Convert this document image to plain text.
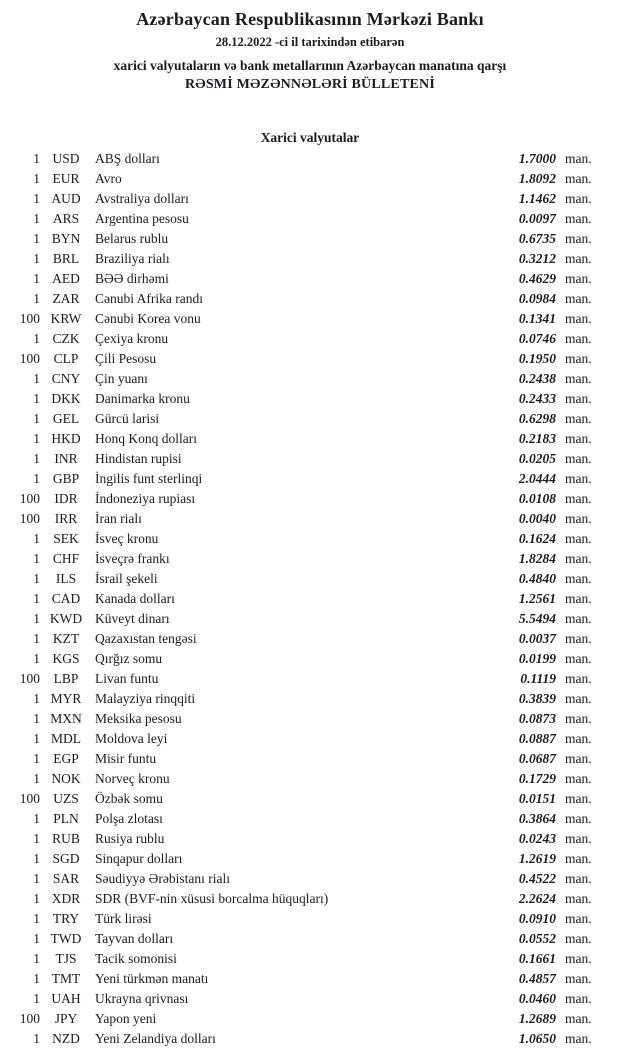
Azərbaycan Respublikasının Mərkəzi Bankı
28.12.2022 -ci il tarixindən etibarən
xarici valyutaların və bank metallarının Azərbaycan manatına qarşı
RƏSMİ MƏZƏNNƏLƏRİ BÜLLETENİ
Xarici valyutalar
1 USD	ABŞ dolları	1.7000 man.
1 EUR	Avro	1.8092 man.
1 AUD	Avstraliya dolları	1.1462 man.
1 ARS	Argentina pesosu	0.0097 man.
1 BYN	Belarus rublu	0.6735 man.
1 BRL	Braziliya rialı	0.3212 man.
1 AED	BƏƏ dirhəmi	0.4629 man.
1 ZAR	Cənubi Afrika randı	0.0984 man.
100 KRW	Cənubi Korea vonu	0.1341 man.
1 CZK	Çexiya kronu	0.0746 man.
100	CLP	Çili Pesosu	0.1950 man.
1 CNY	Çin yuanı	0.2438 man.
1 DKK	Danimarka kronu	0.2433 man.
1 GEL	Gürcü larisi	0.6298 man.
1 HKD	Honq Konq dolları	0.2183 man.
1	INR	Hindistan rupisi	0.0205 man.
1 GBP	İngilis funt sterlinqi	2.0444 man.
100	IDR	İndoneziya rupiası	0.0108 man.
100	IRR	İran rialı	0.0040 man.
1 SEK	İsveç kronu	0.1624 man.
1 CHF	İsveçrə frankı	1.8284 man.
1	ILS	İsrail şekeli	0.4840 man.
1 CAD	Kanada dolları	1.2561 man.
1 KWD Küveyt dinarı	5.5494 man.
1 KZT	Qazaxıstan tengəsi	0.0037 man.
1 KGS	Qırğız somu	0.0199 man.
100	LBP	Livan funtu	0.1119 man.
1 MYR	Malayziya rinqqiti	0.3839 man.
1 MXN Meksika pesosu	0.0873 man.
1 MDL	Moldova leyi	0.0887 man.
1 EGP	Misir funtu	0.0687 man.
1 NOK	Norveç kronu	0.1729 man.
100 UZS	Özbək somu	0.0151 man.
1 PLN	Polşa zlotası	0.3864 man.
1 RUB	Rusiya rublu	0.0243 man.
1 SGD	Sinqapur dolları	1.2619 man.
1 SAR	Səudiyyə Ərəbistanı rialı	0.4522 man.
1 XDR	SDR (BVF-nin xüsusi borcalma hüquqları)	2.2624 man.
1 TRY	Türk lirəsi	0.0910 man.
1 TWD	Tayvan dolları	0.0552 man.
1	TJS	Tacik somonisi	0.1661 man.
1 TMT	Yeni türkmən manatı	0.4857 man.
1 UAH	Ukrayna qrivnası	0.0460 man.
100	JPY	Yapon yeni	1.2689 man.
1 NZD	Yeni Zelandiya dolları	1.0650 man.
